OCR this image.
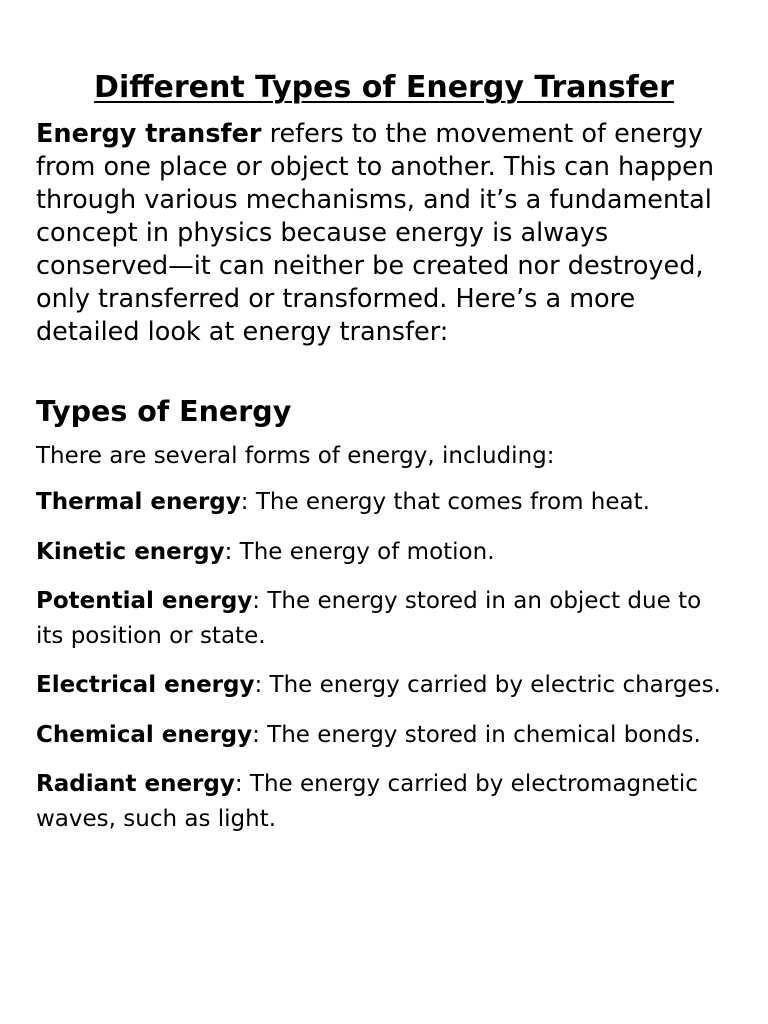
Different Types of Energy Transfer

Energy transfer refers to the movement of energy from one place or object to another. This can happen through various mechanisms, and it’s a fundamental concept in physics because energy is always conserved—it can neither be created nor destroyed, only transferred or transformed. Here’s a more detailed look at energy transfer:

Types of Energy

There are several forms of energy, including:

Thermal energy: The energy that comes from heat.
Kinetic energy: The energy of motion.
Potential energy: The energy stored in an object due to its position or state.
Electrical energy: The energy carried by electric charges.
Chemical energy: The energy stored in chemical bonds.
Radiant energy: The energy carried by electromagnetic waves, such as light.
